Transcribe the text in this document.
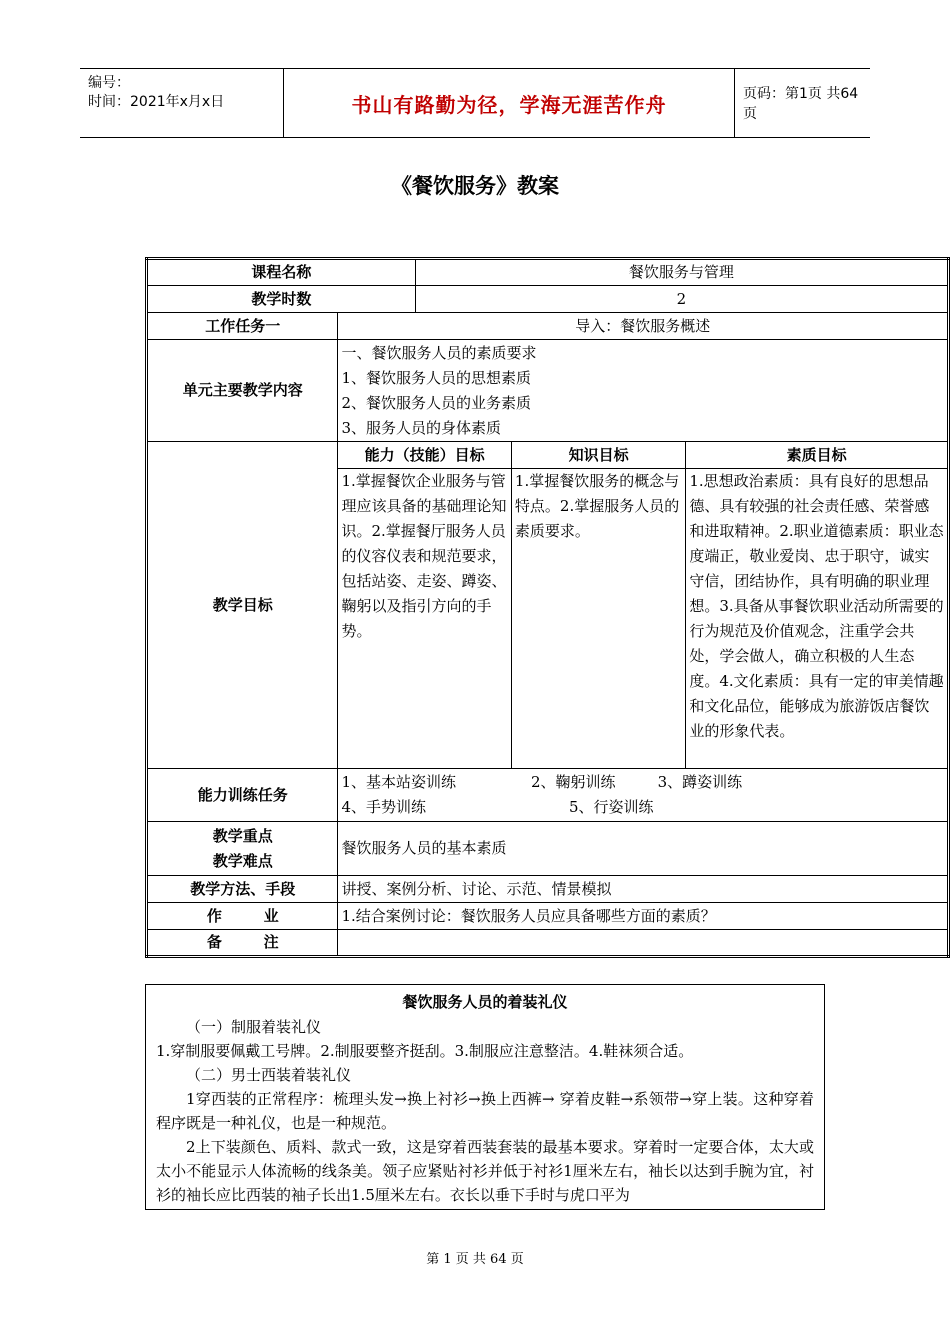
编号：
时间：2021年x月x日	书山有路勤为径，学海无涯苦作舟	页码：第1页 共64页
《餐饮服务》教案
课程名称		餐饮服务与管理		
教学时数		2		
工作任务一	导入：餐饮服务概述			
单元主要教学内容	一、餐饮服务人员的素质要求
1、餐饮服务人员的思想素质
2、餐饮服务人员的业务素质
3、服务人员的身体素质			

教学目标	能力（技能）目标		知识目标	素质目标
	1.掌握餐饮企业服务与管理应该具备的基础理论知识。2.掌握餐厅服务人员的仪容仪表和规范要求，包括站姿、走姿、蹲姿、鞠躬以及指引方向的手势。		1.掌握餐饮服务的概念与特点。2.掌握服务人员的素质要求。	1.思想政治素质：具有良好的思想品德、具有较强的社会责任感、荣誉感和进取精神。2.职业道德素质：职业态度端正，敬业爱岗、忠于职守，诚实守信，团结协作，具有明确的职业理想。3.具备从事餐饮职业活动所需要的行为规范及价值观念，注重学会共处，学会做人，确立积极的人生态度。4.文化素质：具有一定的审美情趣和文化品位，能够成为旅游饭店餐饮业的形象代表。
能力训练任务	1、基本站姿训练 2、鞠躬训练 3、蹲姿训练
4、手势训练 5、行姿训练			

教学重点
教学难点	餐饮服务人员的基本素质			
教学方法、手段	讲授、案例分析、讨论、示范、情景模拟			
作        业	1.结合案例讨论：餐饮服务人员应具备哪些方面的素质？			
备        注				
餐饮服务人员的着装礼仪

（一）制服着装礼仪

1.穿制服要佩戴工号牌。2.制服要整齐挺刮。3.制服应注意整洁。4.鞋袜须合适。

（二）男士西装着装礼仪

1穿西装的正常程序：梳理头发→换上衬衫→换上西裤→ 穿着皮鞋→系领带→穿上装。这种穿着程序既是一种礼仪，也是一种规范。

2上下装颜色、质料、款式一致，这是穿着西装套装的最基本要求。穿着时一定要合体，太大或太小不能显示人体流畅的线条美。领子应紧贴衬衫并低于衬衫1厘米左右，袖长以达到手腕为宜，衬衫的袖长应比西装的袖子长出1.5厘米左右。衣长以垂下手时与虎口平为

第 1 页 共 64 页
